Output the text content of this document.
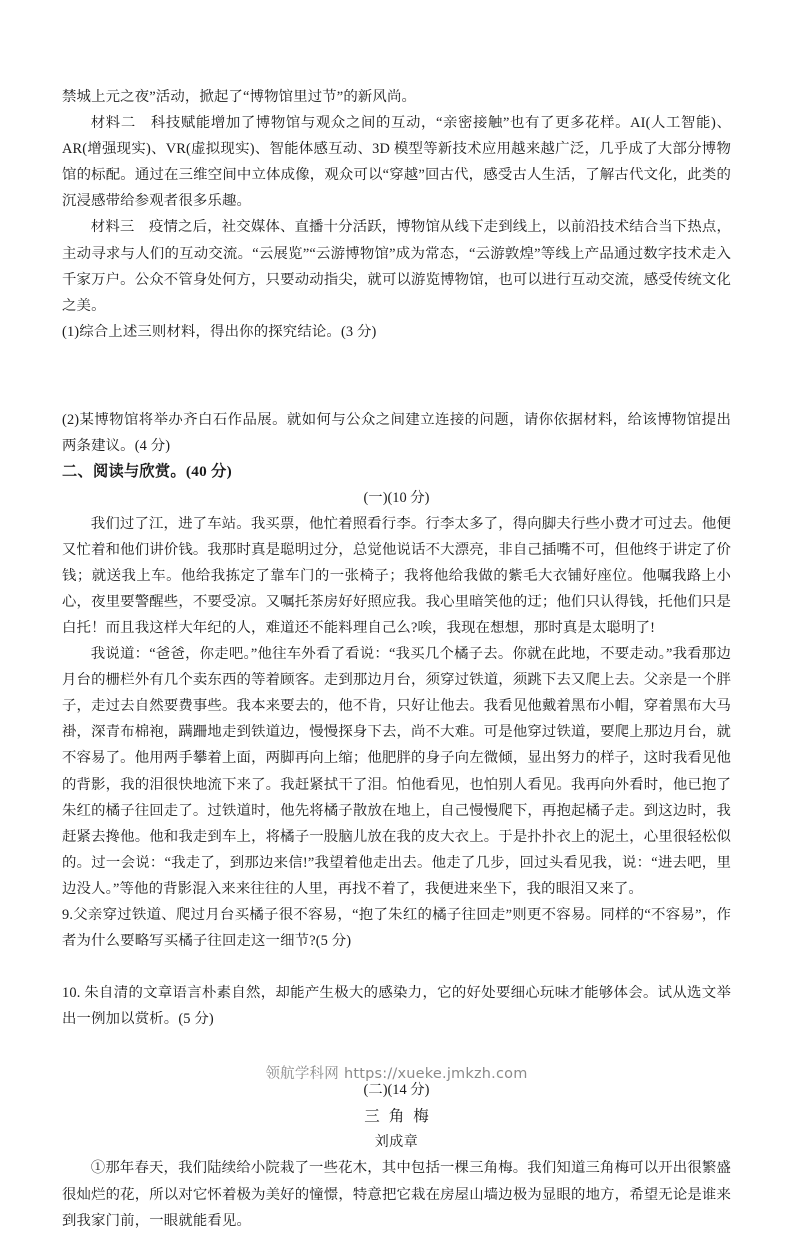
禁城上元之夜”活动，掀起了“博物馆里过节”的新风尚。

材料二　科技赋能增加了博物馆与观众之间的互动，“亲密接触”也有了更多花样。AI(人工智能)、AR(增强现实)、VR(虚拟现实)、智能体感互动、3D 模型等新技术应用越来越广泛，几乎成了大部分博物馆的标配。通过在三维空间中立体成像，观众可以“穿越”回古代，感受古人生活，了解古代文化，此类的沉浸感带给参观者很多乐趣。

材料三　疫情之后，社交媒体、直播十分活跃，博物馆从线下走到线上，以前沿技术结合当下热点，主动寻求与人们的互动交流。“云展览”“云游博物馆”成为常态，“云游敦煌”等线上产品通过数字技术走入千家万户。公众不管身处何方，只要动动指尖，就可以游览博物馆，也可以进行互动交流，感受传统文化之美。

(1)综合上述三则材料，得出你的探究结论。(3 分)

(2)某博物馆将举办齐白石作品展。就如何与公众之间建立连接的问题，请你依据材料，给该博物馆提出两条建议。(4 分)

二、阅读与欣赏。(40 分)

(一)(10 分)

我们过了江，进了车站。我买票，他忙着照看行李。行李太多了，得向脚夫行些小费才可过去。他便又忙着和他们讲价钱。我那时真是聪明过分，总觉他说话不大漂亮，非自己插嘴不可，但他终于讲定了价钱；就送我上车。他给我拣定了靠车门的一张椅子；我将他给我做的紫毛大衣铺好座位。他嘱我路上小心，夜里要警醒些，不要受凉。又嘱托茶房好好照应我。我心里暗笑他的迂；他们只认得钱，托他们只是白托！而且我这样大年纪的人，难道还不能料理自己么?唉，我现在想想，那时真是太聪明了!

我说道：“爸爸，你走吧。”他往车外看了看说：“我买几个橘子去。你就在此地，不要走动。”我看那边月台的栅栏外有几个卖东西的等着顾客。走到那边月台，须穿过铁道，须跳下去又爬上去。父亲是一个胖子，走过去自然要费事些。我本来要去的，他不肯，只好让他去。我看见他戴着黑布小帽，穿着黑布大马褂，深青布棉袍，蹒跚地走到铁道边，慢慢探身下去，尚不大难。可是他穿过铁道，要爬上那边月台，就不容易了。他用两手攀着上面，两脚再向上缩；他肥胖的身子向左微倾，显出努力的样子，这时我看见他的背影，我的泪很快地流下来了。我赶紧拭干了泪。怕他看见，也怕别人看见。我再向外看时，他已抱了朱红的橘子往回走了。过铁道时，他先将橘子散放在地上，自己慢慢爬下，再抱起橘子走。到这边时，我赶紧去搀他。他和我走到车上，将橘子一股脑儿放在我的皮大衣上。于是扑扑衣上的泥土，心里很轻松似的。过一会说：“我走了，到那边来信!”我望着他走出去。他走了几步，回过头看见我，说：“进去吧，里边没人。”等他的背影混入来来往往的人里，再找不着了，我便进来坐下，我的眼泪又来了。

9.父亲穿过铁道、爬过月台买橘子很不容易，“抱了朱红的橘子往回走”则更不容易。同样的“不容易”，作者为什么要略写买橘子往回走这一细节?(5 分)

10. 朱自清的文章语言朴素自然，却能产生极大的感染力，它的好处要细心玩味才能够体会。试从选文举出一例加以赏析。(5 分)

(二)(14 分)

三角梅

刘成章

①那年春天，我们陆续给小院栽了一些花木，其中包括一棵三角梅。我们知道三角梅可以开出很繁盛很灿烂的花，所以对它怀着极为美好的憧憬，特意把它栽在房屋山墙边极为显眼的地方，希望无论是谁来到我家门前，一眼就能看见。

领航学科网 https://xueke.jmkzh.com
